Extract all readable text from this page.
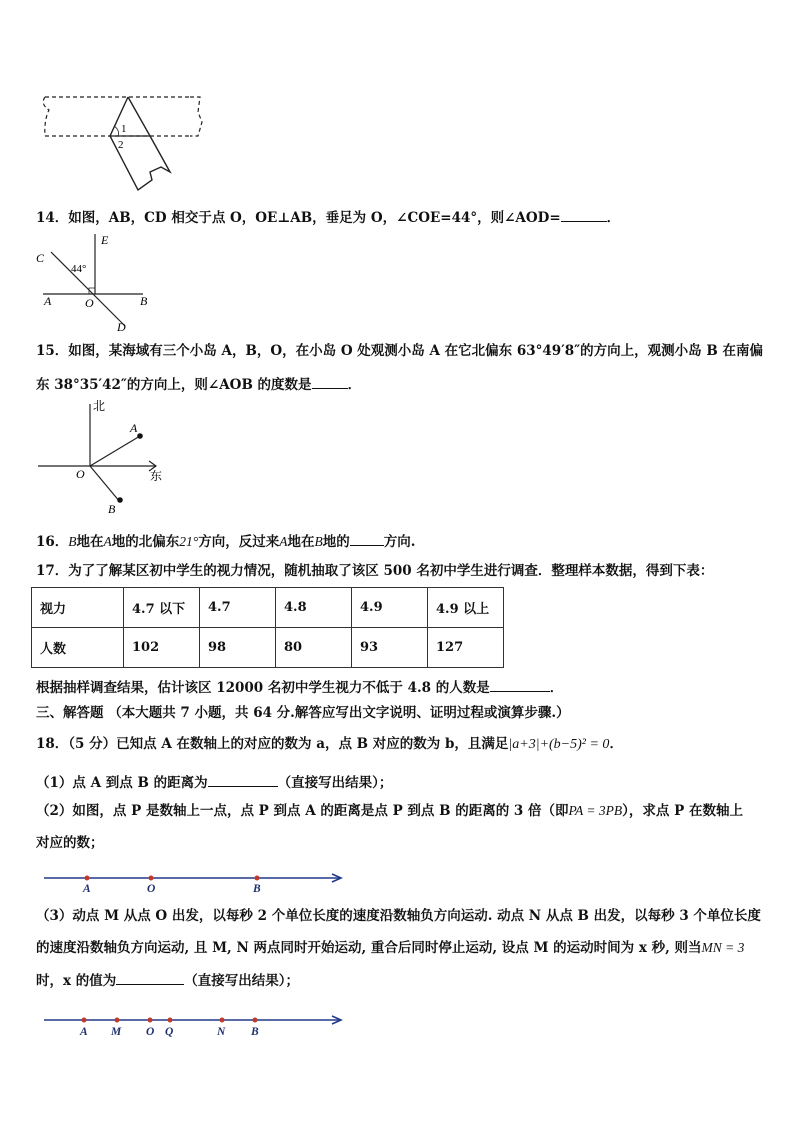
1
2
14．如图，AB，CD 相交于点 O，OE⊥AB，垂足为 O，∠COE=44°，则∠AOD=	．
C
E
44°
A	O	B
D
15．如图，某海域有三个小岛 A，B，O，在小岛 O 处观测小岛 A 在它北偏东 63°49′8″的方向上，观测小岛 B 在南偏
东 38°35′42″的方向上，则∠AOB 的度数是	．
北
东
A
O
B
16．B地在A地的北偏东21°方向，反过来A地在B地的	方向.
17．为了了解某区初中学生的视力情况，随机抽取了该区 500 名初中学生进行调查．整理样本数据，得到下表：
视力	4.7 以下	4.7	4.8	4.9	4.9 以上
人数	102	98	80	93	127
根据抽样调查结果，估计该区 12000 名初中学生视力不低于 4.8 的人数是	．
三、解答题 （本大题共 7 小题，共 64 分.解答应写出文字说明、证明过程或演算步骤.）
18．（5 分）已知点 A 在数轴上的对应的数为 a，点 B 对应的数为 b，且满足|a+3|+(b−5)² = 0．
（1）点 A 到点 B 的距离为	（直接写出结果）；
（2）如图，点 P 是数轴上一点，点 P 到点 A 的距离是点 P 到点 B 的距离的 3 倍（即PA = 3PB），求点 P 在数轴上
对应的数；
A	O	B
（3）动点 M 从点 O 出发，以每秒 2 个单位长度的速度沿数轴负方向运动. 动点 N 从点 B 出发，以每秒 3 个单位长度
的速度沿数轴负方向运动, 且 M, N 两点同时开始运动, 重合后同时停止运动, 设点 M 的运动时间为 x 秒, 则当MN = 3
时，x 的值为	（直接写出结果）；
A M O Q	N B
